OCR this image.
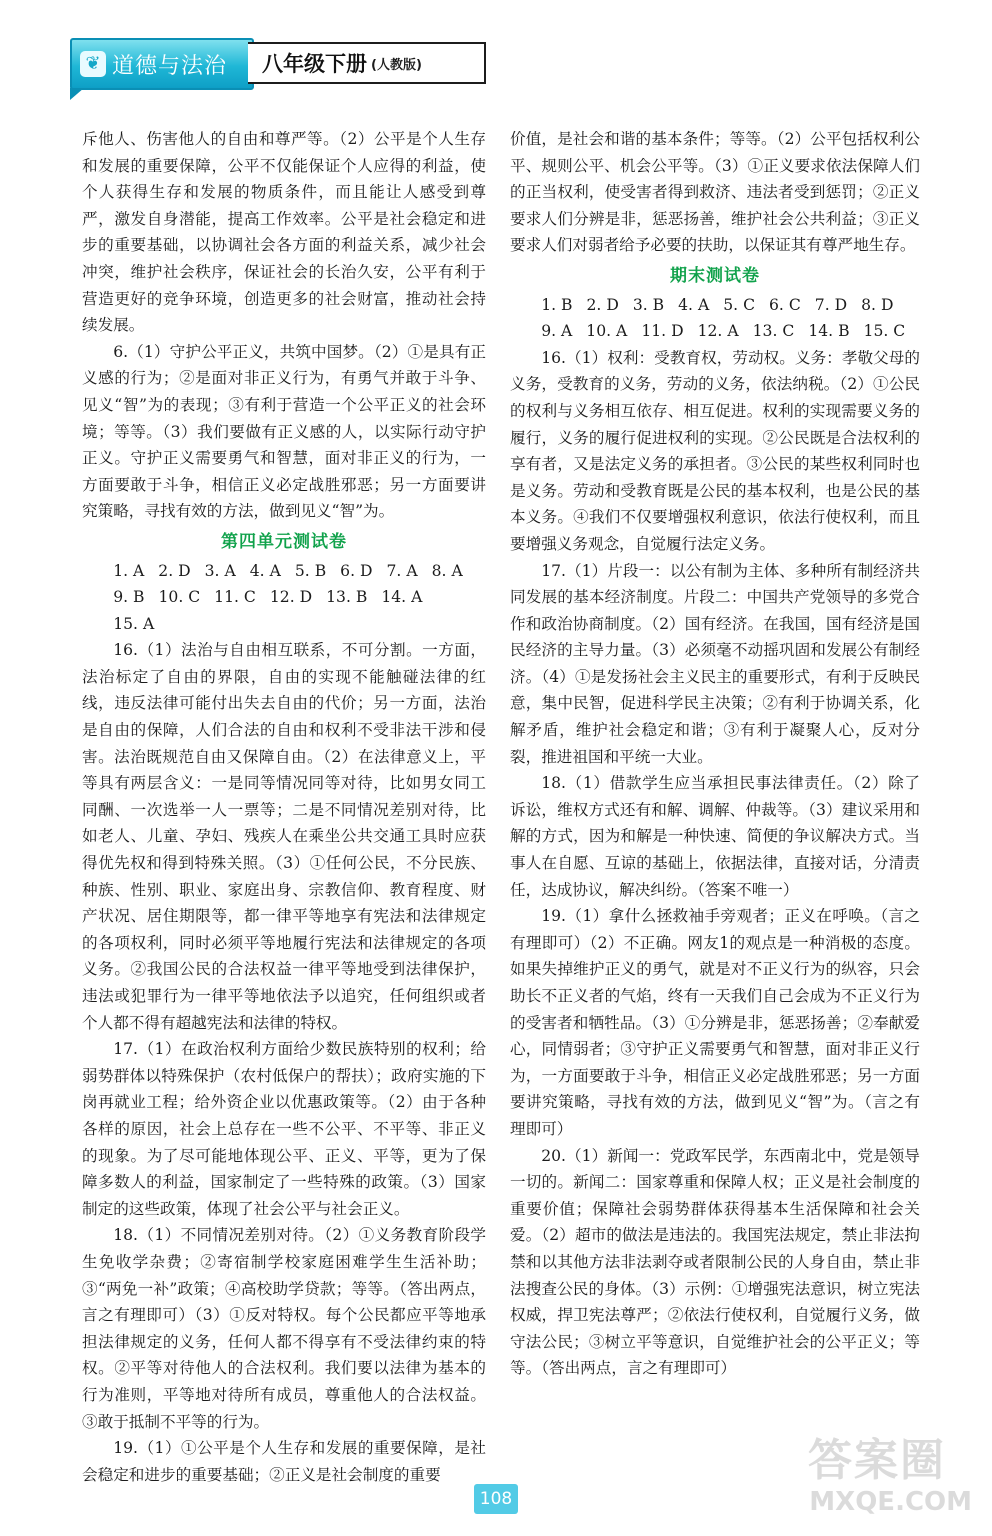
❦ 道德与法治 八年级下册 (人教版)

斥他人、伤害他人的自由和尊严等。（2）公平是个人生存和发展的重要保障，公平不仅能保证个人应得的利益，使个人获得生存和发展的物质条件，而且能让人感受到尊严，激发自身潜能，提高工作效率。公平是社会稳定和进步的重要基础，以协调社会各方面的利益关系，减少社会冲突，维护社会秩序，保证社会的长治久安，公平有利于营造更好的竞争环境，创造更多的社会财富，推动社会持续发展。

6.（1）守护公平正义，共筑中国梦。（2）①是具有正义感的行为；②是面对非正义行为，有勇气并敢于斗争、见义“智”为的表现；③有利于营造一个公平正义的社会环境；等等。（3）我们要做有正义感的人，以实际行动守护正义。守护正义需要勇气和智慧，面对非正义的行为，一方面要敢于斗争，相信正义必定战胜邪恶；另一方面要讲究策略，寻找有效的方法，做到见义“智”为。

第四单元测试卷
1. A 2. D 3. A 4. A 5. B 6. D 7. A 8. A
9. B 10. C 11. C 12. D 13. B 14. A
15. A

16.（1）法治与自由相互联系，不可分割。一方面，法治标定了自由的界限，自由的实现不能触碰法律的红线，违反法律可能付出失去自由的代价；另一方面，法治是自由的保障，人们合法的自由和权利不受非法干涉和侵害。法治既规范自由又保障自由。（2）在法律意义上，平等具有两层含义：一是同等情况同等对待，比如男女同工同酬、一次选举一人一票等；二是不同情况差别对待，比如老人、儿童、孕妇、残疾人在乘坐公共交通工具时应获得优先权和得到特殊关照。（3）①任何公民，不分民族、种族、性别、职业、家庭出身、宗教信仰、教育程度、财产状况、居住期限等，都一律平等地享有宪法和法律规定的各项权利，同时必须平等地履行宪法和法律规定的各项义务。②我国公民的合法权益一律平等地受到法律保护，违法或犯罪行为一律平等地依法予以追究，任何组织或者个人都不得有超越宪法和法律的特权。

17.（1）在政治权利方面给少数民族特别的权利；给弱势群体以特殊保护（农村低保户的帮扶）；政府实施的下岗再就业工程；给外资企业以优惠政策等。（2）由于各种各样的原因，社会上总存在一些不公平、不平等、非正义的现象。为了尽可能地体现公平、正义、平等，更为了保障多数人的利益，国家制定了一些特殊的政策。（3）国家制定的这些政策，体现了社会公平与社会正义。

18.（1）不同情况差别对待。（2）①义务教育阶段学生免收学杂费；②寄宿制学校家庭困难学生生活补助；③“两免一补”政策；④高校助学贷款；等等。（答出两点，言之有理即可）（3）①反对特权。每个公民都应平等地承担法律规定的义务，任何人都不得享有不受法律约束的特权。②平等对待他人的合法权利。我们要以法律为基本的行为准则，平等地对待所有成员，尊重他人的合法权益。③敢于抵制不平等的行为。

19.（1）①公平是个人生存和发展的重要保障，是社会稳定和进步的重要基础；②正义是社会制度的重要

价值，是社会和谐的基本条件；等等。（2）公平包括权利公平、规则公平、机会公平等。（3）①正义要求依法保障人们的正当权利，使受害者得到救济、违法者受到惩罚；②正义要求人们分辨是非，惩恶扬善，维护社会公共利益；③正义要求人们对弱者给予必要的扶助，以保证其有尊严地生存。

期末测试卷
1. B 2. D 3. B 4. A 5. C 6. C 7. D 8. D
9. A 10. A 11. D 12. A 13. C 14. B 15. C

16.（1）权利：受教育权，劳动权。义务：孝敬父母的义务，受教育的义务，劳动的义务，依法纳税。（2）①公民的权利与义务相互依存、相互促进。权利的实现需要义务的履行，义务的履行促进权利的实现。②公民既是合法权利的享有者，又是法定义务的承担者。③公民的某些权利同时也是义务。劳动和受教育既是公民的基本权利，也是公民的基本义务。④我们不仅要增强权利意识，依法行使权利，而且要增强义务观念，自觉履行法定义务。

17.（1）片段一：以公有制为主体、多种所有制经济共同发展的基本经济制度。片段二：中国共产党领导的多党合作和政治协商制度。（2）国有经济。在我国，国有经济是国民经济的主导力量。（3）必须毫不动摇巩固和发展公有制经济。（4）①是发扬社会主义民主的重要形式，有利于反映民意，集中民智，促进科学民主决策；②有利于协调关系，化解矛盾，维护社会稳定和谐；③有利于凝聚人心，反对分裂，推进祖国和平统一大业。

18.（1）借款学生应当承担民事法律责任。（2）除了诉讼，维权方式还有和解、调解、仲裁等。（3）建议采用和解的方式，因为和解是一种快速、简便的争议解决方式。当事人在自愿、互谅的基础上，依据法律，直接对话，分清责任，达成协议，解决纠纷。（答案不唯一）

19.（1）拿什么拯救袖手旁观者；正义在呼唤。（言之有理即可）（2）不正确。网友1的观点是一种消极的态度。如果失掉维护正义的勇气，就是对不正义行为的纵容，只会助长不正义者的气焰，终有一天我们自己会成为不正义行为的受害者和牺牲品。（3）①分辨是非，惩恶扬善；②奉献爱心，同情弱者；③守护正义需要勇气和智慧，面对非正义行为，一方面要敢于斗争，相信正义必定战胜邪恶；另一方面要讲究策略，寻找有效的方法，做到见义“智”为。（言之有理即可）

20.（1）新闻一：党政军民学，东西南北中，党是领导一切的。新闻二：国家尊重和保障人权；正义是社会制度的重要价值；保障社会弱势群体获得基本生活保障和社会关爱。（2）超市的做法是违法的。我国宪法规定，禁止非法拘禁和以其他方法非法剥夺或者限制公民的人身自由，禁止非法搜查公民的身体。（3）示例：①增强宪法意识，树立宪法权威，捍卫宪法尊严；②依法行使权利，自觉履行义务，做守法公民；③树立平等意识，自觉维护社会的公平正义；等等。（答出两点，言之有理即可）

108
答案圈
MXQE.COM
